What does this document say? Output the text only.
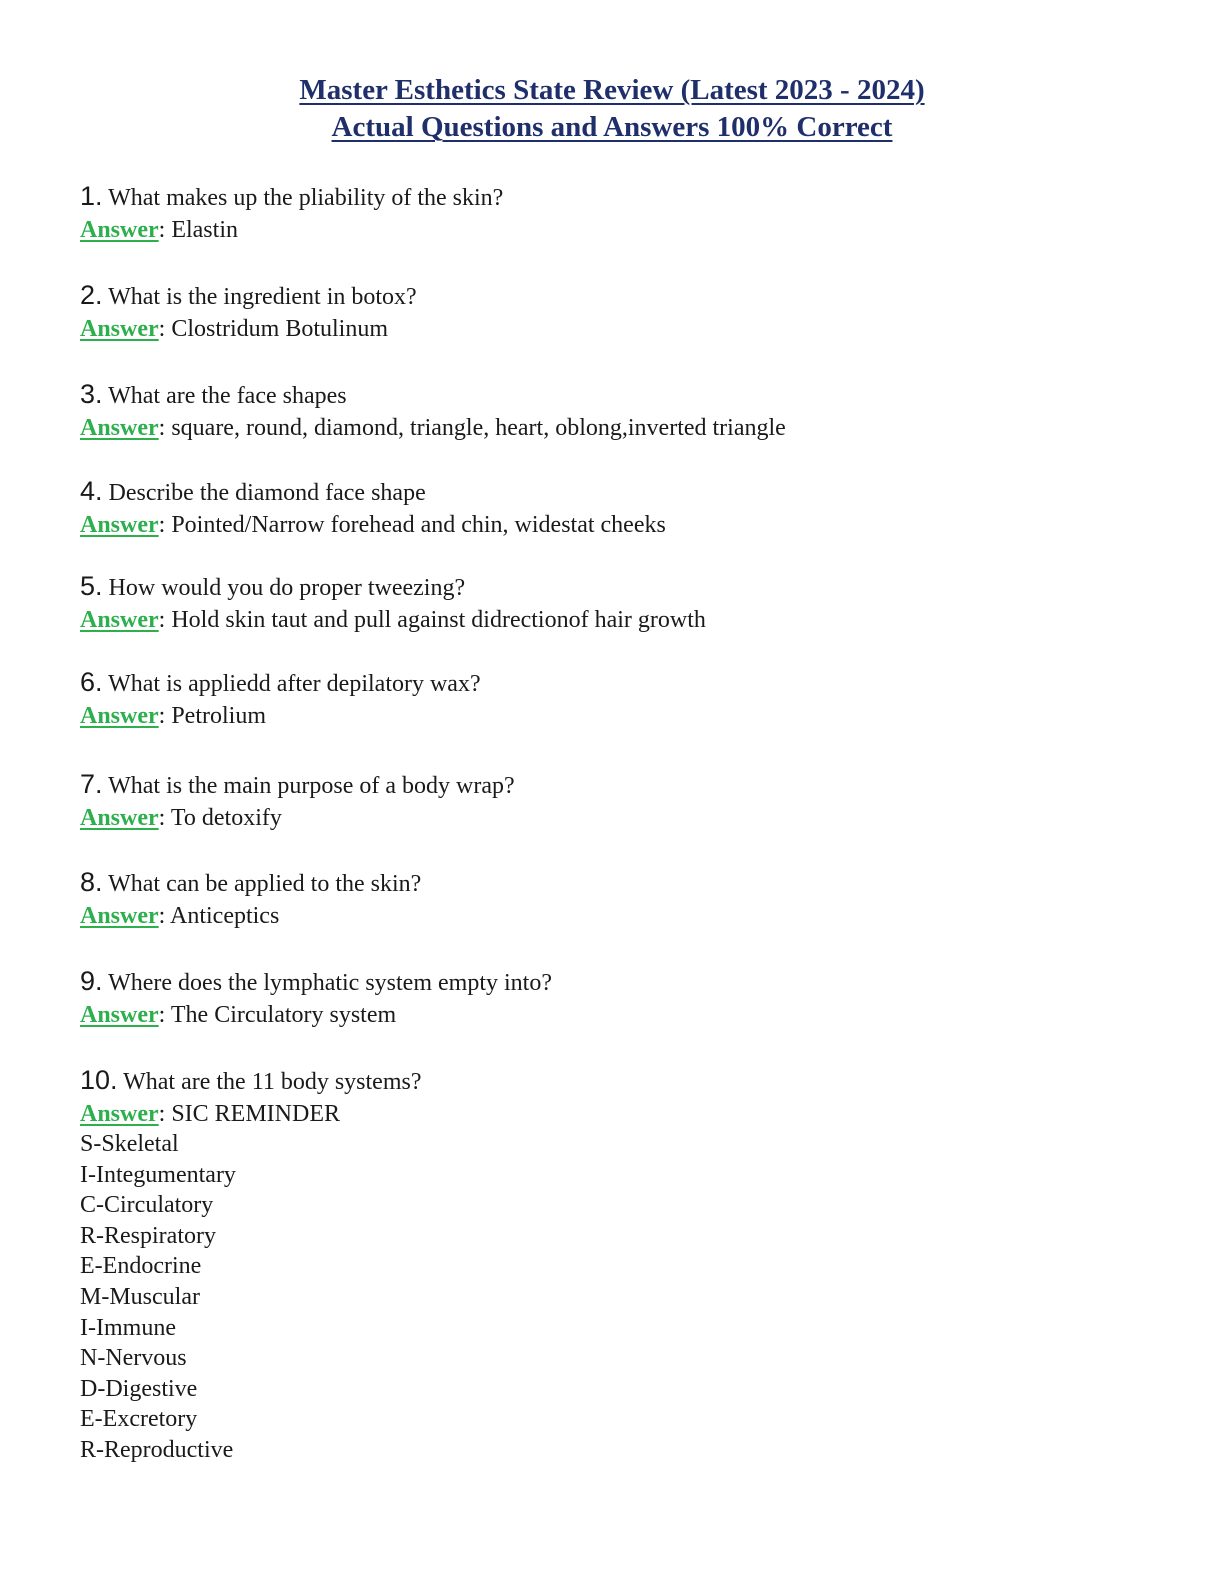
Master Esthetics State Review (Latest 2023 - 2024)
Actual Questions and Answers 100% Correct
1. What makes up the pliability of the skin?
Answer: Elastin
2. What is the ingredient in botox?
Answer: Clostridum Botulinum
3. What are the face shapes
Answer: square, round, diamond, triangle, heart, oblong,inverted triangle
4. Describe the diamond face shape
Answer: Pointed/Narrow forehead and chin, widestat cheeks
5. How would you do proper tweezing?
Answer: Hold skin taut and pull against didrectionof hair growth
6. What is appliedd after depilatory wax?
Answer: Petrolium
7. What is the main purpose of a body wrap?
Answer: To detoxify
8. What can be applied to the skin?
Answer: Anticeptics
9. Where does the lymphatic system empty into?
Answer: The Circulatory system
10. What are the 11 body systems?
Answer: SIC REMINDER
S-Skeletal
I-Integumentary
C-Circulatory
R-Respiratory
E-Endocrine
M-Muscular
I-Immune
N-Nervous
D-Digestive
E-Excretory
R-Reproductive
